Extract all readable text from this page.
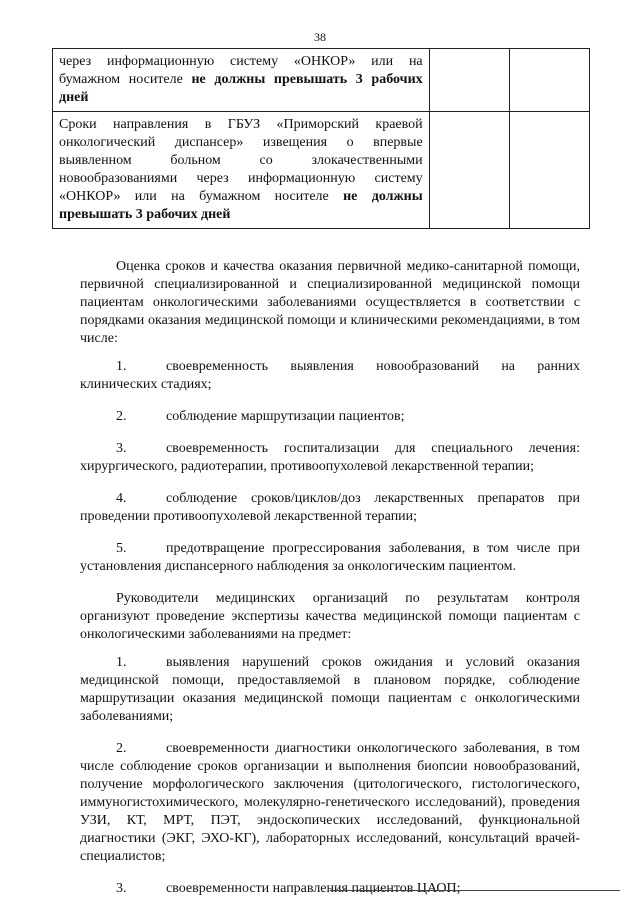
38
через информационную систему «ОНКОР» или на бумажном носителе не должны превышать 3 рабочих дней		
Сроки направления в ГБУЗ «Приморский краевой онкологический диспансер» извещения о впервые выявленном больном со злокачественными новообразованиями через информационную систему «ОНКОР» или на бумажном носителе не должны превышать 3 рабочих дней		

Оценка сроков и качества оказания первичной медико-санитарной помощи, первичной специализированной и специализированной медицинской помощи пациентам онкологическими заболеваниями осуществляется в соответствии с порядками оказания медицинской помощи и клиническими рекомендациями, в том числе:

1.	своевременность выявления новообразований на ранних клинических стадиях;
2.	соблюдение маршрутизации пациентов;
3.	своевременность госпитализации для специального лечения: хирургического, радиотерапии, противоопухолевой лекарственной терапии;
4.	соблюдение сроков/циклов/доз лекарственных препаратов при проведении противоопухолевой лекарственной терапии;
5.	предотвращение прогрессирования заболевания, в том числе при установления диспансерного наблюдения за онкологическим пациентом.

Руководители медицинских организаций по результатам контроля организуют проведение экспертизы качества медицинской помощи пациентам с онкологическими заболеваниями на предмет:

1.	выявления нарушений сроков ожидания и условий оказания медицинской помощи, предоставляемой в плановом порядке, соблюдение маршрутизации оказания медицинской помощи пациентам с онкологическими заболеваниями;
2.	своевременности диагностики онкологического заболевания, в том числе соблюдение сроков организации и выполнения биопсии новообразований, получение морфологического заключения (цитологического, гистологического, иммуногистохимического, молекулярно-генетического исследований), проведения УЗИ, КТ, МРТ, ПЭТ, эндоскопических исследований, функциональной диагностики (ЭКГ, ЭХО-КГ), лабораторных исследований, консультаций врачей-специалистов;
3.	своевременности направления пациентов ЦАОП;
